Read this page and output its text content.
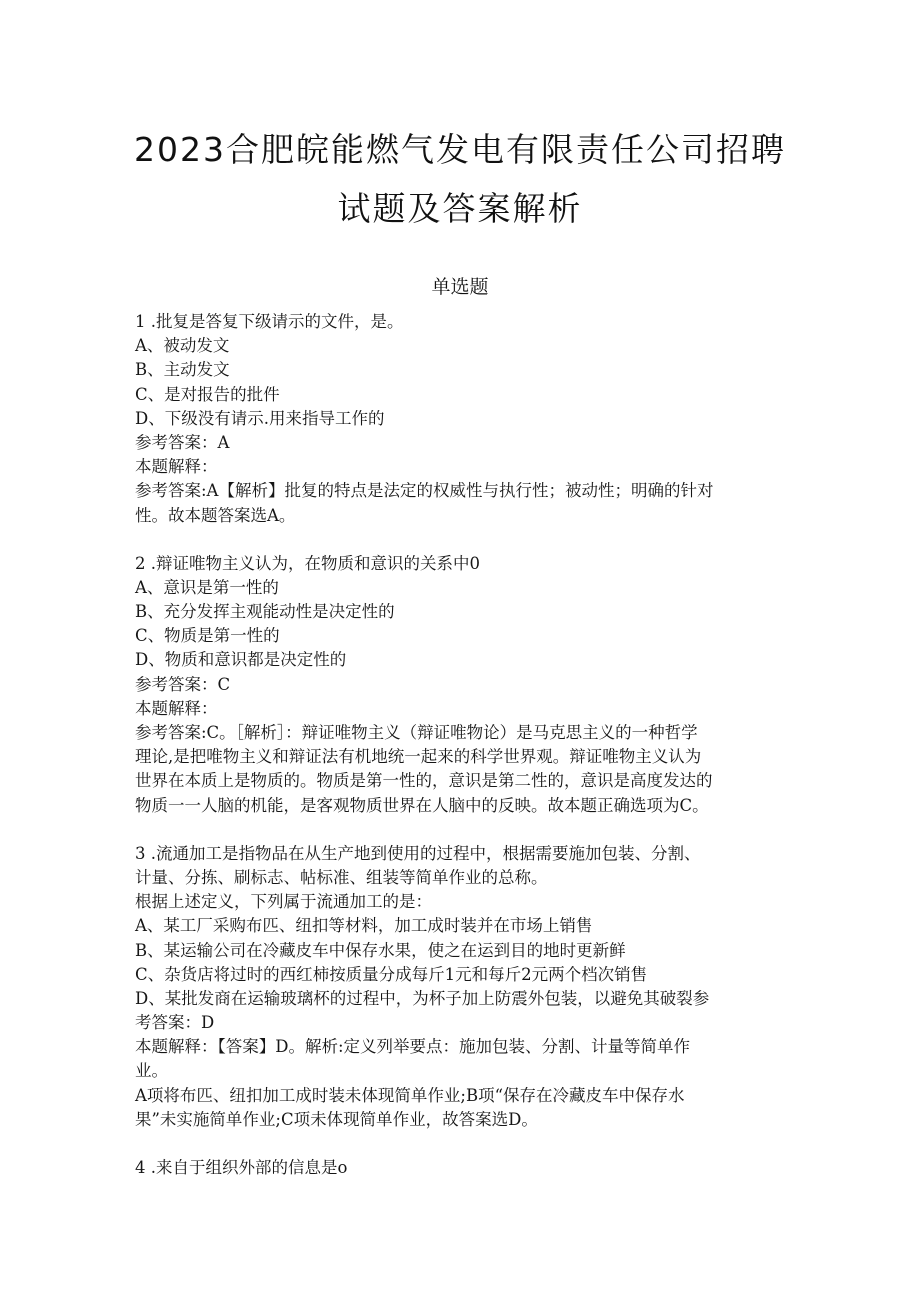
2023合肥皖能燃气发电有限责任公司招聘
试题及答案解析
单选题
1 .批复是答复下级请示的文件，是。
A、被动发文
B、主动发文
C、是对报告的批件
D、下级没有请示.用来指导工作的
参考答案：A
本题解释：
参考答案:A【解析】批复的特点是法定的权威性与执行性；被动性；明确的针对
性。故本题答案选A。
2 .辩证唯物主义认为，在物质和意识的关系中0
A、意识是第一性的
B、充分发挥主观能动性是决定性的
C、物质是第一性的
D、物质和意识都是决定性的
参考答案：C
本题解释：
参考答案:C。［解析］：辩证唯物主义（辩证唯物论）是马克思主义的一种哲学
理论,是把唯物主义和辩证法有机地统一起来的科学世界观。辩证唯物主义认为
世界在本质上是物质的。物质是第一性的，意识是第二性的，意识是高度发达的
物质一一人脑的机能，是客观物质世界在人脑中的反映。故本题正确选项为C。
3 .流通加工是指物品在从生产地到使用的过程中，根据需要施加包装、分割、
计量、分拣、刷标志、帖标准、组装等简单作业的总称。
根据上述定义，下列属于流通加工的是：
A、某工厂采购布匹、纽扣等材料，加工成时装并在市场上销售
B、某运输公司在冷藏皮车中保存水果，使之在运到目的地时更新鲜
C、杂货店将过时的西红柿按质量分成每斤1元和每斤2元两个档次销售
D、某批发商在运输玻璃杯的过程中，为杯子加上防震外包装，以避免其破裂参
考答案：D
本题解释：【答案】D。解析:定义列举要点：施加包装、分割、计量等简单作
业。
A项将布匹、纽扣加工成时装未体现简单作业;B项“保存在冷藏皮车中保存水
果”未实施简单作业;C项未体现简单作业，故答案选D。
4 .来自于组织外部的信息是o
